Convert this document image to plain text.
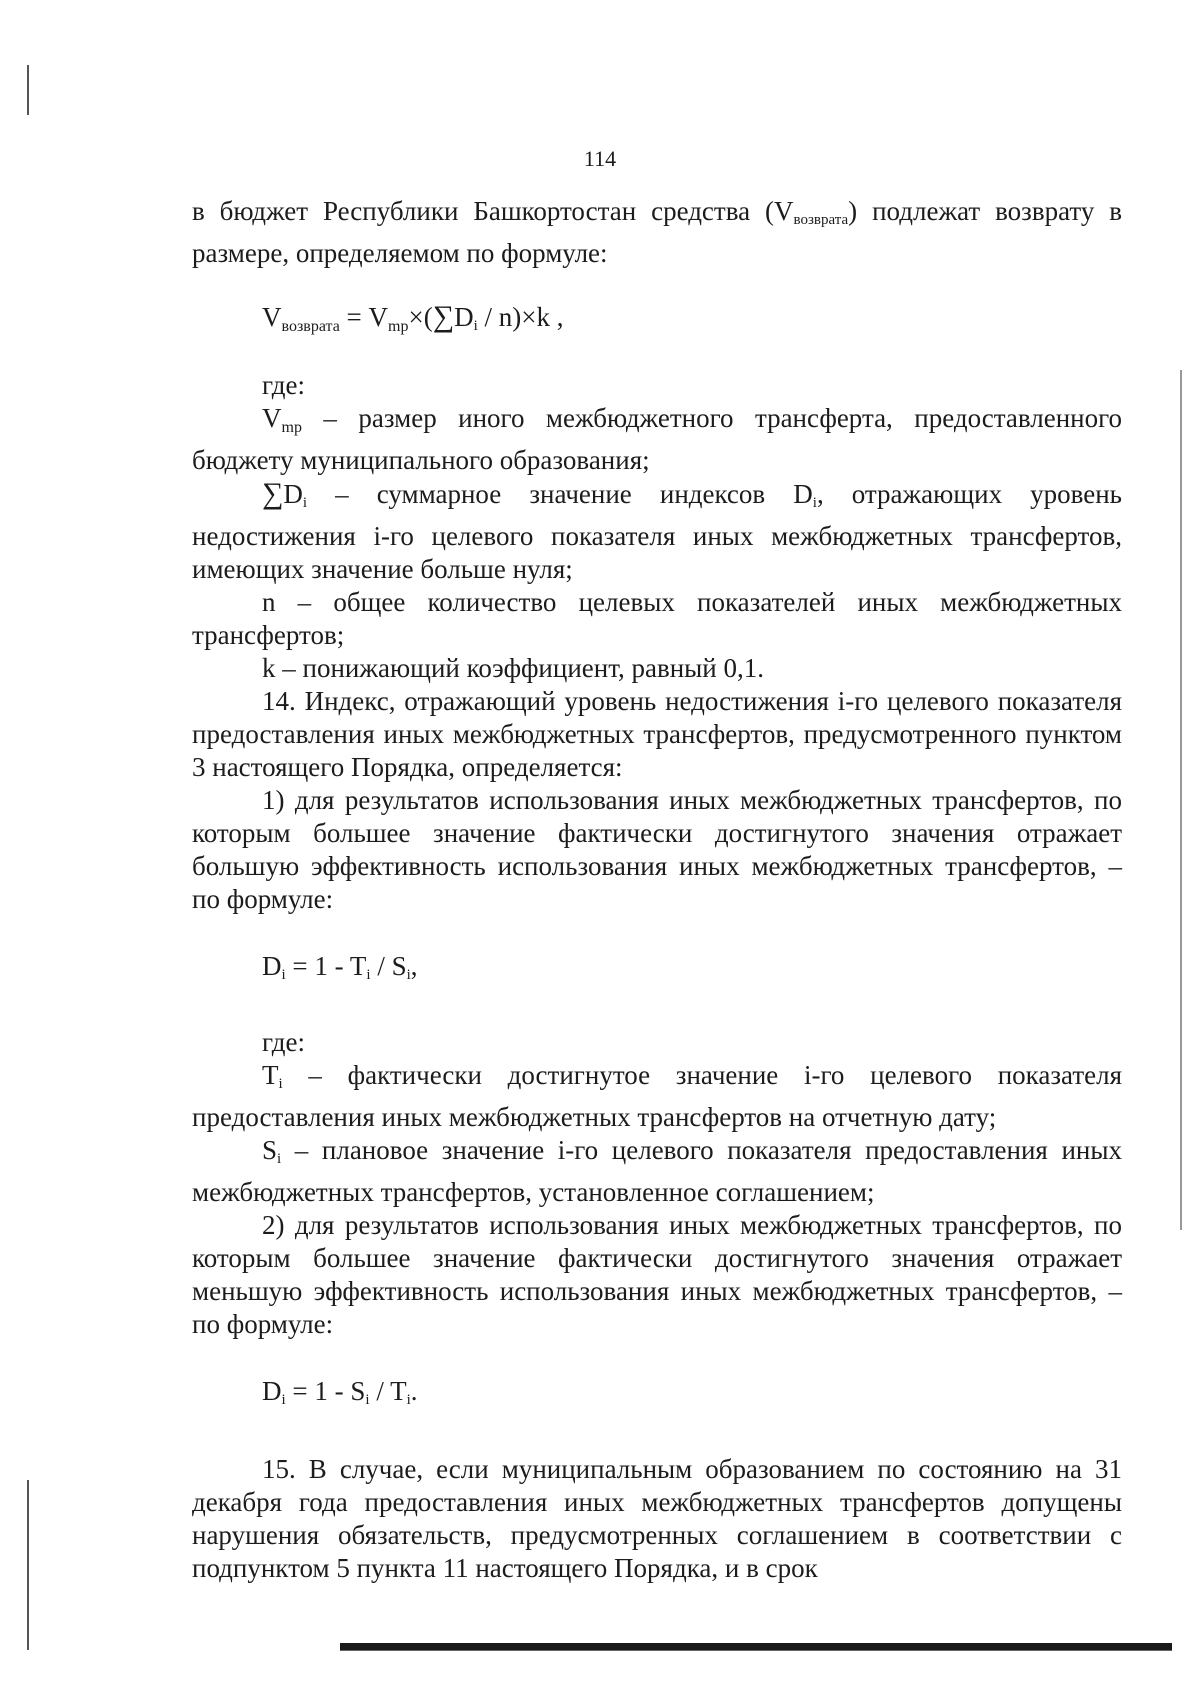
114

в бюджет Республики Башкортостан средства $(V_{возврата})$ подлежат возврату в размере, определяемом по формуле:

Vвозврата = $Vmp\times(\sum D_i / n)\times k$ ,

где:

Vmp – размер иного межбюджетного трансферта, предоставленного бюджету муниципального образования;

$\sum D_i$ – суммарное значение индексов $D_i$, отражающих уровень недостижения i-го целевого показателя иных межбюджетных трансфертов, имеющих значение больше нуля;

n – общее количество целевых показателей иных межбюджетных трансфертов;

k – понижающий коэффициент, равный 0,1.

14. Индекс, отражающий уровень недостижения i-го целевого показателя предоставления иных межбюджетных трансфертов, предусмотренного пунктом 3 настоящего Порядка, определяется:

1) для результатов использования иных межбюджетных трансфертов, по которым большее значение фактически достигнутого значения отражает большую эффективность использования иных межбюджетных трансфертов, – по формуле:

$D_i = 1 - T_i / S_i$,

где:

$T_i$ – фактически достигнутое значение i-го целевого показателя предоставления иных межбюджетных трансфертов на отчетную дату;

$S_i$ – плановое значение i-го целевого показателя предоставления иных межбюджетных трансфертов, установленное соглашением;

2) для результатов использования иных межбюджетных трансфертов, по которым большее значение фактически достигнутого значения отражает меньшую эффективность использования иных межбюджетных трансфертов, – по формуле:

$D_i = 1 - S_i / T_i$.

15. В случае, если муниципальным образованием по состоянию на 31 декабря года предоставления иных межбюджетных трансфертов допущены нарушения обязательств, предусмотренных соглашением в соответствии с подпунктом 5 пункта 11 настоящего Порядка, и в срок
